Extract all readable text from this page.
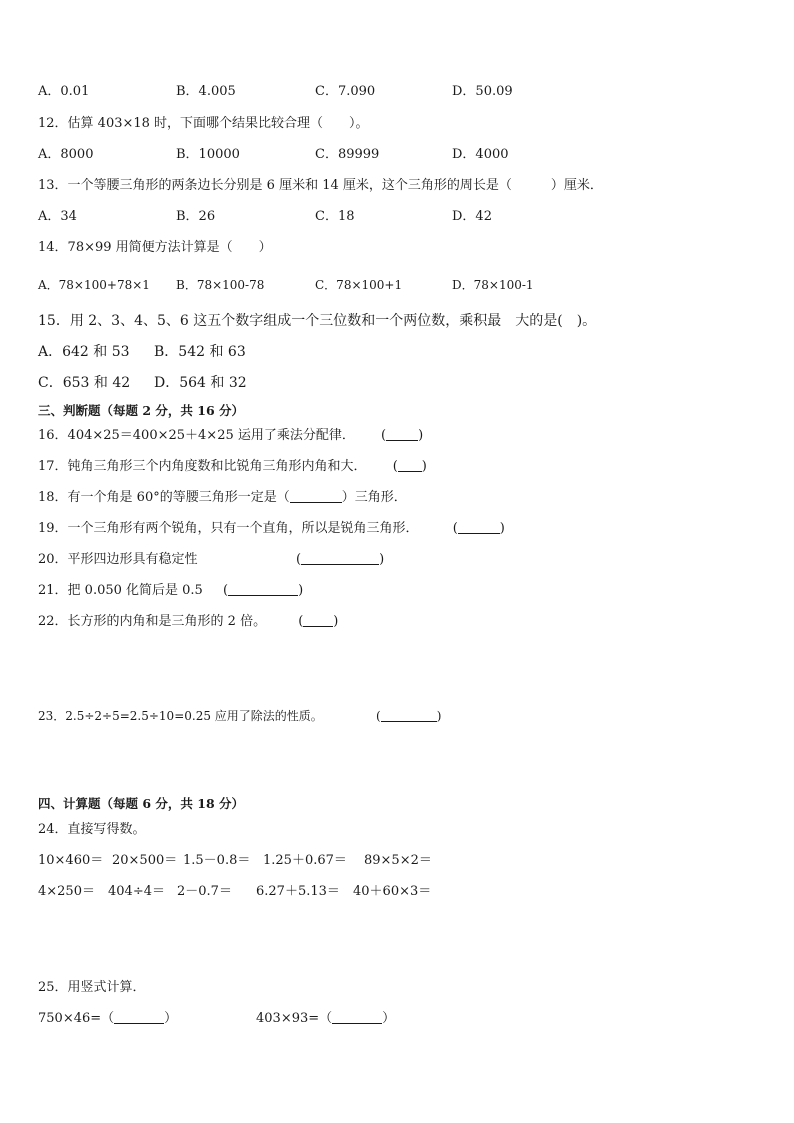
A．0.01	B．4.005	C．7.090	D．50.09
12．估算 403×18 时，下面哪个结果比较合理（　　）。
A．8000	B．10000	C．89999	D．4000
13．一个等腰三角形的两条边长分别是 6 厘米和 14 厘米，这个三角形的周长是（　　　）厘米．
A．34	B．26	C．18	D．42
14．78×99 用简便方法计算是（　　）
A．78×100+78×1 B．78×100-78	C．78×100+1	D．78×100-1
15．用 2、3、4、5、6 这五个数字组成一个三位数和一个两位数，乘积最　大的是(　)。
A．642 和 53 B．542 和 63
C．653 和 42 D．564 和 32
三、判断题（每题 2 分，共 16 分）
16．404×25＝400×25＋4×25 运用了乘法分配律． ( )
17．钝角三角形三个内角度数和比锐角三角形内角和大． ( )
18．有一个角是 60°的等腰三角形一定是（	）三角形．
19．一个三角形有两个锐角，只有一个直角，所以是锐角三角形．	(	)
20．平形四边形具有稳定性	(	)
21．把 0.050 化简后是 0.5 (	)
22．长方形的内角和是三角形的 2 倍。 ( )
23．2.5÷2÷5=2.5÷10=0.25 应用了除法的性质。	(	)
四、计算题（每题 6 分，共 18 分）
24．直接写得数。
10×460＝ 20×500＝ 1.5－0.8＝ 1.25＋0.67＝ 89×5×2＝
4×250＝ 404÷4＝ 2－0.7＝ 6.27＋5.13＝ 40＋60×3＝
25．用竖式计算．
750×46=（	）	403×93=（	）
